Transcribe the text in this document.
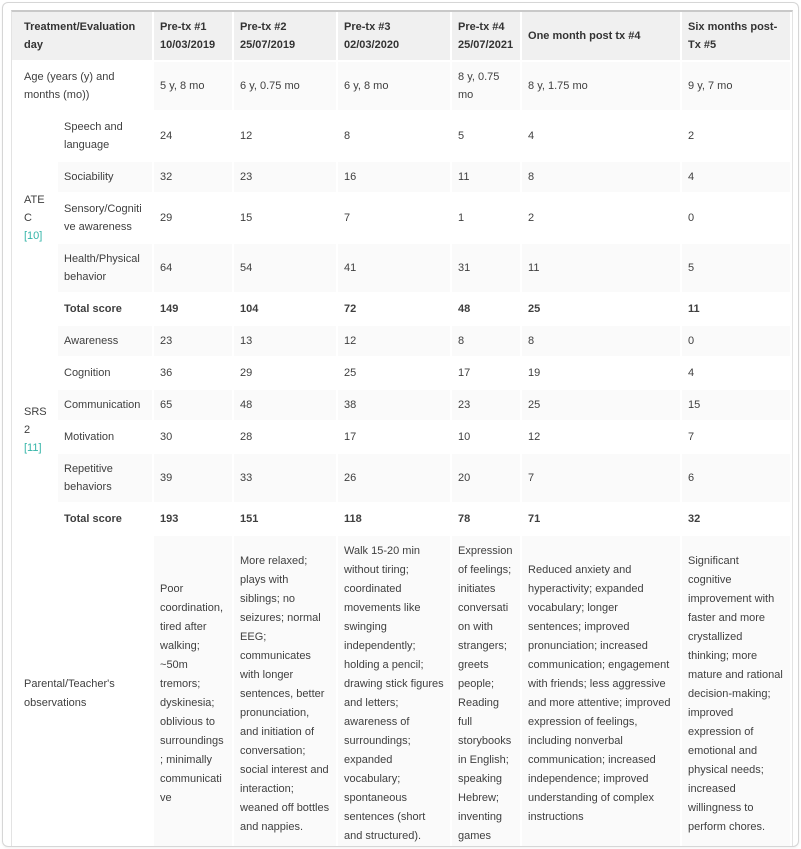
Treatment/Evaluation day		Pre-tx #1 10/03/2019	Pre-tx #2 25/07/2019	Pre-tx #3 02/03/2020	Pre-tx #4 25/07/2021	One month post tx #4	Six months post-Tx #5
Age (years (y) and months (mo))		5 y, 8 mo	6 y, 0.75 mo	6 y, 8 mo	8 y, 0.75 mo	8 y, 1.75 mo	9 y, 7 mo
ATEC
[10]	Speech and language	24	12	8	5	4	2
	Sociability	32	23	16	11	8	4
	Sensory/Cognitive awareness	29	15	7	1	2	0
	Health/Physical behavior	64	54	41	31	11	5
	Total score	149	104	72	48	25	11
SRS2
[11]	Awareness	23	13	12	8	8	0
	Cognition	36	29	25	17	19	4
	Communication	65	48	38	23	25	15
	Motivation	30	28	17	10	12	7
	Repetitive behaviors	39	33	26	20	7	6
	Total score	193	151	118	78	71	32
Parental/Teacher's observations	Poor coordination, tired after walking; ~50m tremors; dyskinesia; oblivious to surroundings; minimally communicative	More relaxed; plays with siblings; no seizures; normal EEG; communicates with longer sentences, better pronunciation, and initiation of conversation; social interest and interaction; weaned off bottles and nappies.	Walk 15-20 min without tiring; coordinated movements like swinging independently; holding a pencil; drawing stick figures and letters; awareness of surroundings; expanded vocabulary; spontaneous sentences (short and structured).	Expression of feelings; initiates conversation with strangers; greets people; Reading full storybooks in English; speaking Hebrew; inventing games	Reduced anxiety and hyperactivity; expanded vocabulary; longer sentences; improved pronunciation; increased communication; engagement with friends; less aggressive and more attentive; improved expression of feelings, including nonverbal communication; increased independence; improved understanding of complex instructions	Significant cognitive improvement with faster and more crystallized thinking; more mature and rational decision-making; improved expression of emotional and physical needs; increased willingness to perform chores.
